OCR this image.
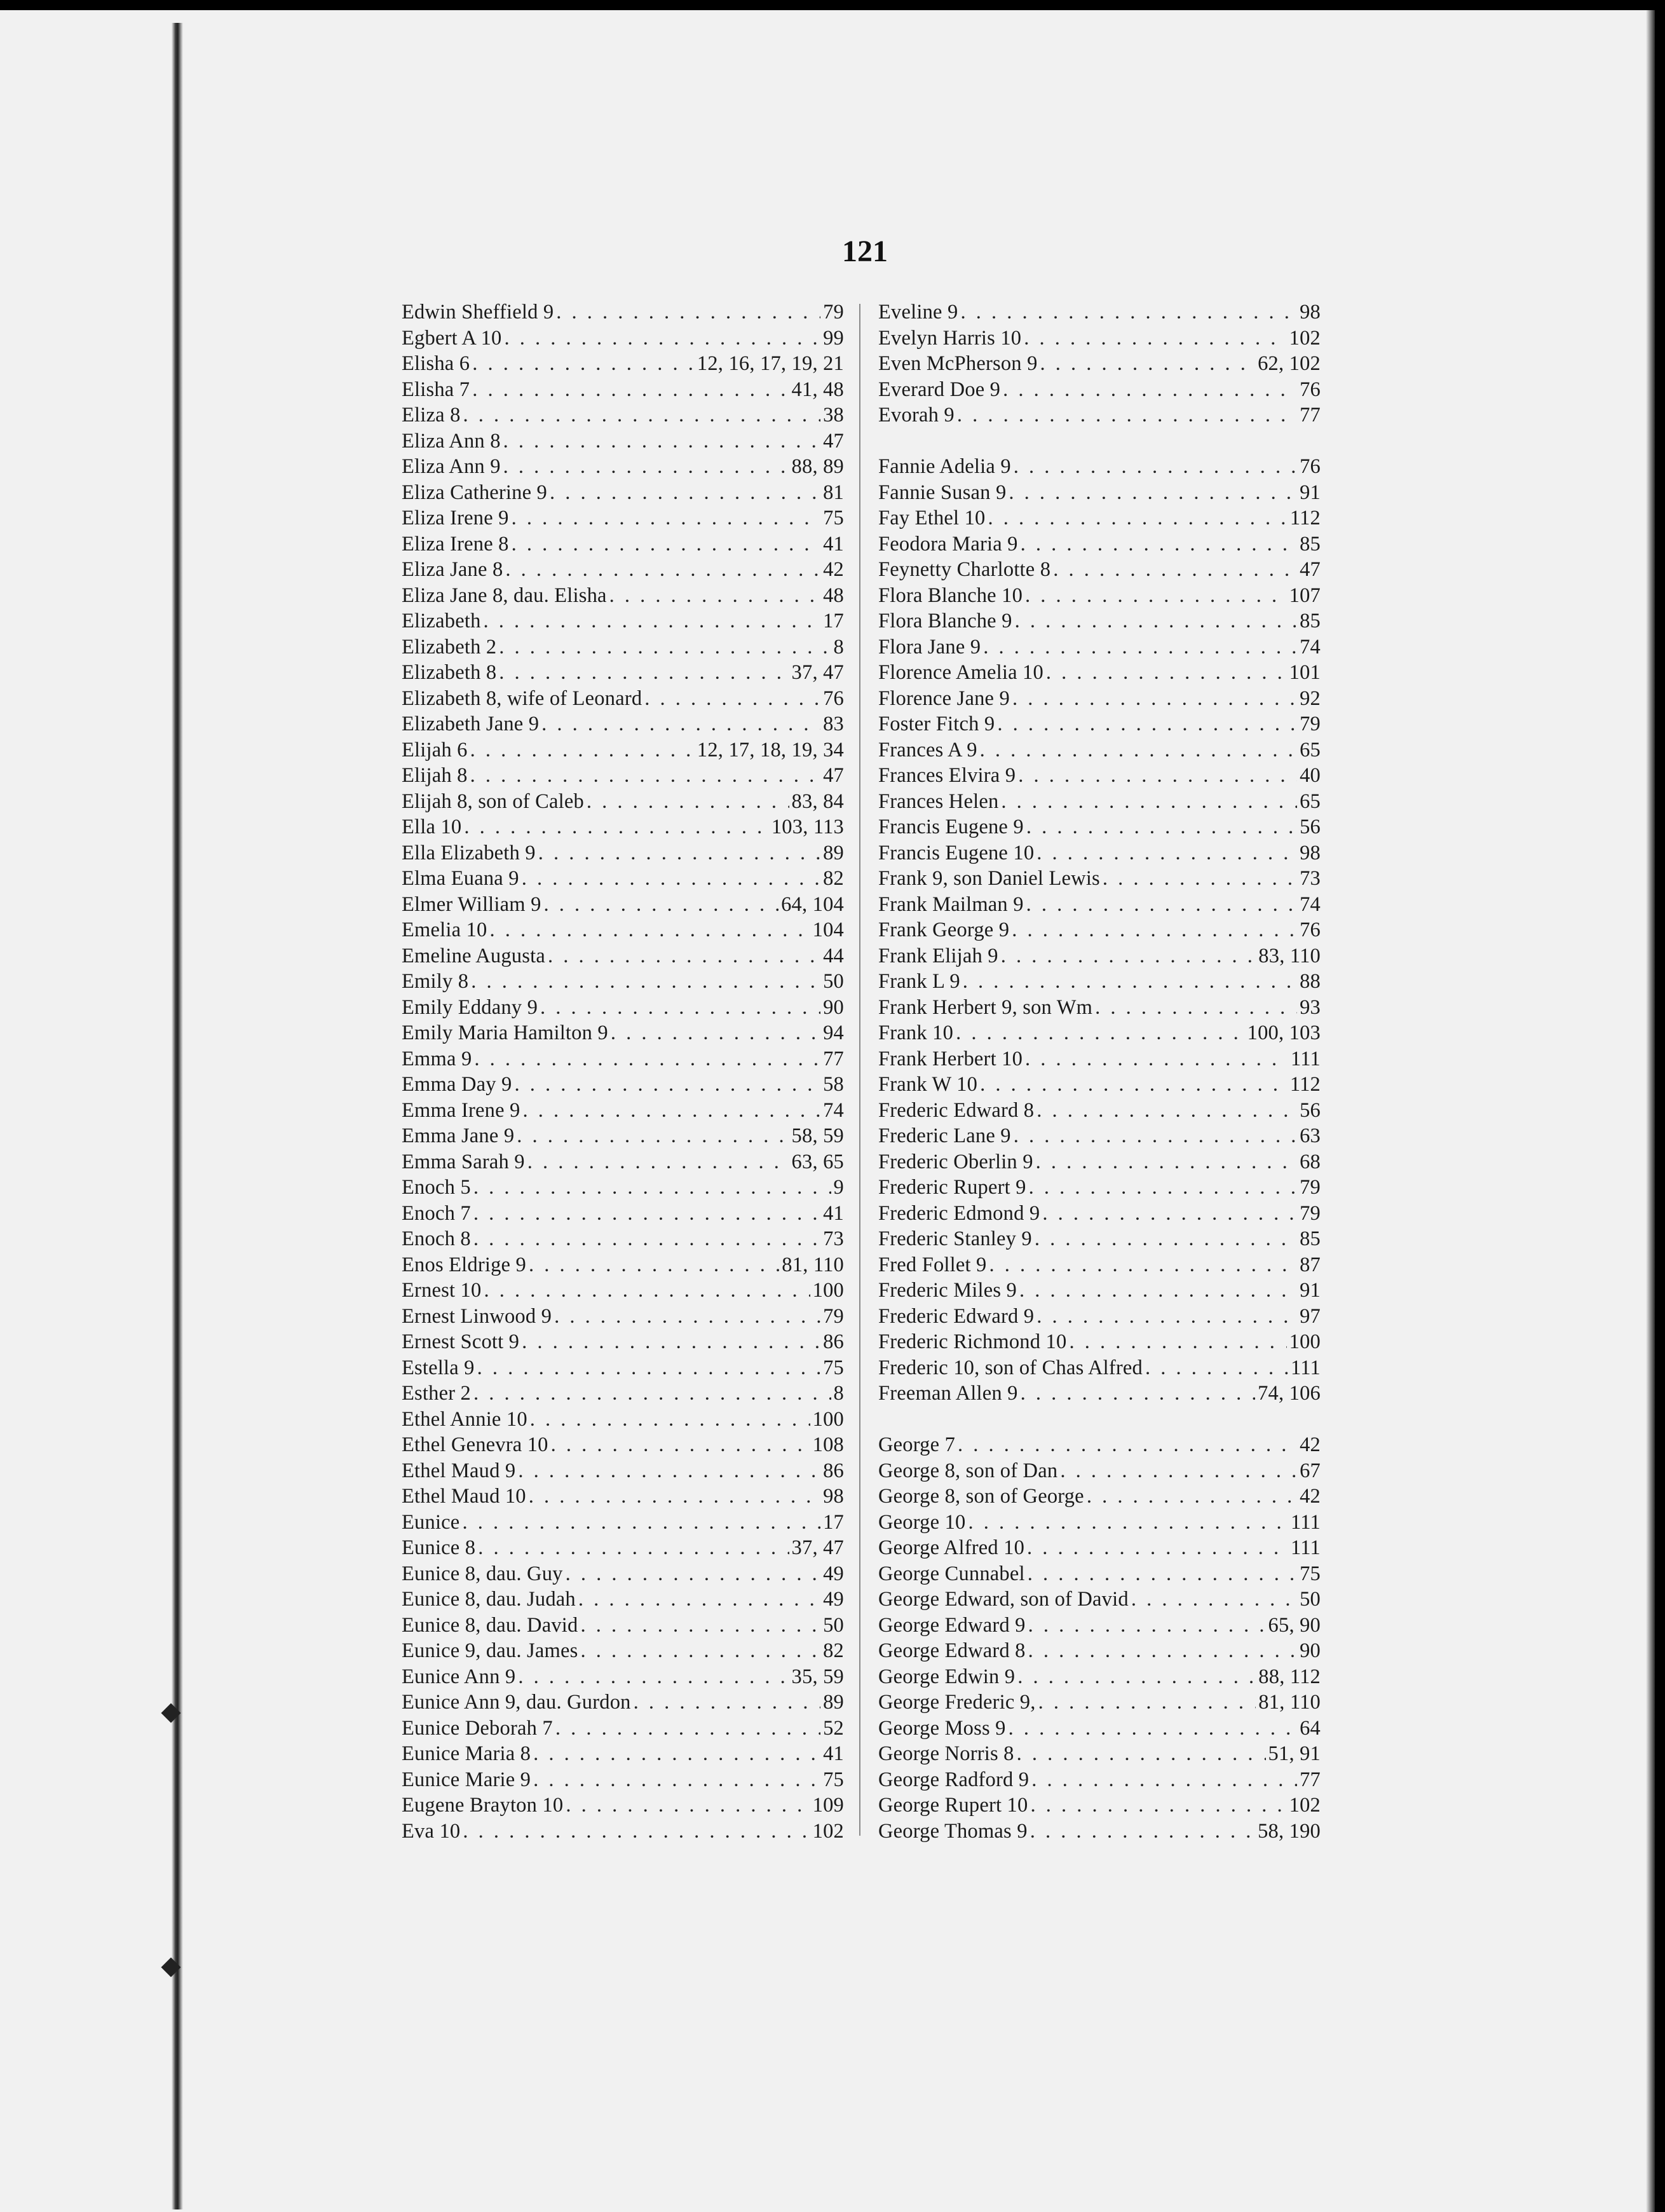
121
Edwin Sheffield 9 . . .	79
Egbert A 10 . . .	99
Elisha 6 . . .	12, 16, 17, 19, 21
Elisha 7 . . .	41, 48
Eliza 8 . . .	38
Eliza Ann 8 . . .	47
Eliza Ann 9 . . .	88, 89
Eliza Catherine 9 . . .	81
Eliza Irene 9 . . .	75
Eliza Irene 8 . . .	41
Eliza Jane 8 . . .	42
Eliza Jane 8, dau. Elisha . . .	48
Elizabeth . . .	17
Elizabeth 2 . . .	8
Elizabeth 8 . . .	37, 47
Elizabeth 8, wife of Leonard . . .	76
Elizabeth Jane 9 . . .	83
Elijah 6 . . .	12, 17, 18, 19, 34
Elijah 8 . . .	47
Elijah 8, son of Caleb . . .	83, 84
Ella 10 . . .	103, 113
Ella Elizabeth 9 . . .	89
Elma Euana 9 . . .	82
Elmer William 9 . . .	64, 104
Emelia 10 . . .	104
Emeline Augusta . . .	44
Emily 8 . . .	50
Emily Eddany 9 . . .	90
Emily Maria Hamilton 9 . . .	94
Emma 9 . . .	77
Emma Day 9 . . .	58
Emma Irene 9 . . .	74
Emma Jane 9 . . .	58, 59
Emma Sarah 9 . . .	63, 65
Enoch 5 . . .	9
Enoch 7 . . .	41
Enoch 8 . . .	73
Enos Eldrige 9 . . .	81, 110
Ernest 10 . . .	100
Ernest Linwood 9 . . .	79
Ernest Scott 9 . . .	86
Estella 9 . . .	75
Esther 2 . . .	8
Ethel Annie 10 . . .	100
Ethel Genevra 10 . . .	108
Ethel Maud 9 . . .	86
Ethel Maud 10 . . .	98
Eunice . . .	17
Eunice 8 . . .	37, 47
Eunice 8, dau. Guy . . .	49
Eunice 8, dau. Judah . . .	49
Eunice 8, dau. David . . .	50
Eunice 9, dau. James . . .	82
Eunice Ann 9 . . .	35, 59
Eunice Ann 9, dau. Gurdon . . .	89
Eunice Deborah 7 . . .	52
Eunice Maria 8 . . .	41
Eunice Marie 9 . . .	75
Eugene Brayton 10 . . .	109
Eva 10 . . .	102
Eveline 9 . . .	98
Evelyn Harris 10 . . .	102
Even McPherson 9 . . .	62, 102
Everard Doe 9 . . .	76
Evorah 9 . . .	77
Fannie Adelia 9 . . .	76
Fannie Susan 9 . . .	91
Fay Ethel 10 . . .	112
Feodora Maria 9 . . .	85
Feynetty Charlotte 8 . . .	47
Flora Blanche 10 . . .	107
Flora Blanche 9 . . .	85
Flora Jane 9 . . .	74
Florence Amelia 10 . . .	101
Florence Jane 9 . . .	92
Foster Fitch 9 . . .	79
Frances A 9 . . .	65
Frances Elvira 9 . . .	40
Frances Helen . . .	65
Francis Eugene 9 . . .	56
Francis Eugene 10 . . .	98
Frank 9, son Daniel Lewis . . .	73
Frank Mailman 9 . . .	74
Frank George 9 . . .	76
Frank Elijah 9 . . .	83, 110
Frank L 9 . . .	88
Frank Herbert 9, son Wm . . .	93
Frank 10 . . .	100, 103
Frank Herbert 10 . . .	111
Frank W 10 . . .	112
Frederic Edward 8 . . .	56
Frederic Lane 9 . . .	63
Frederic Oberlin 9 . . .	68
Frederic Rupert 9 . . .	79
Frederic Edmond 9 . . .	79
Frederic Stanley 9 . . .	85
Fred Follet 9 . . .	87
Frederic Miles 9 . . .	91
Frederic Edward 9 . . .	97
Frederic Richmond 10 . . .	100
Frederic 10, son of Chas Alfred . . .	111
Freeman Allen 9 . . .	74, 106
George 7 . . .	42
George 8, son of Dan . . .	67
George 8, son of George . . .	42
George 10 . . .	111
George Alfred 10 . . .	111
George Cunnabel . . .	75
George Edward, son of David . . .	50
George Edward 9 . . .	65, 90
George Edward 8 . . .	90
George Edwin 9 . . .	88, 112
George Frederic 9, . . .	81, 110
George Moss 9 . . .	64
George Norris 8 . . .	51, 91
George Radford 9 . . .	77
George Rupert 10 . . .	102
George Thomas 9 . . .	58, 190
